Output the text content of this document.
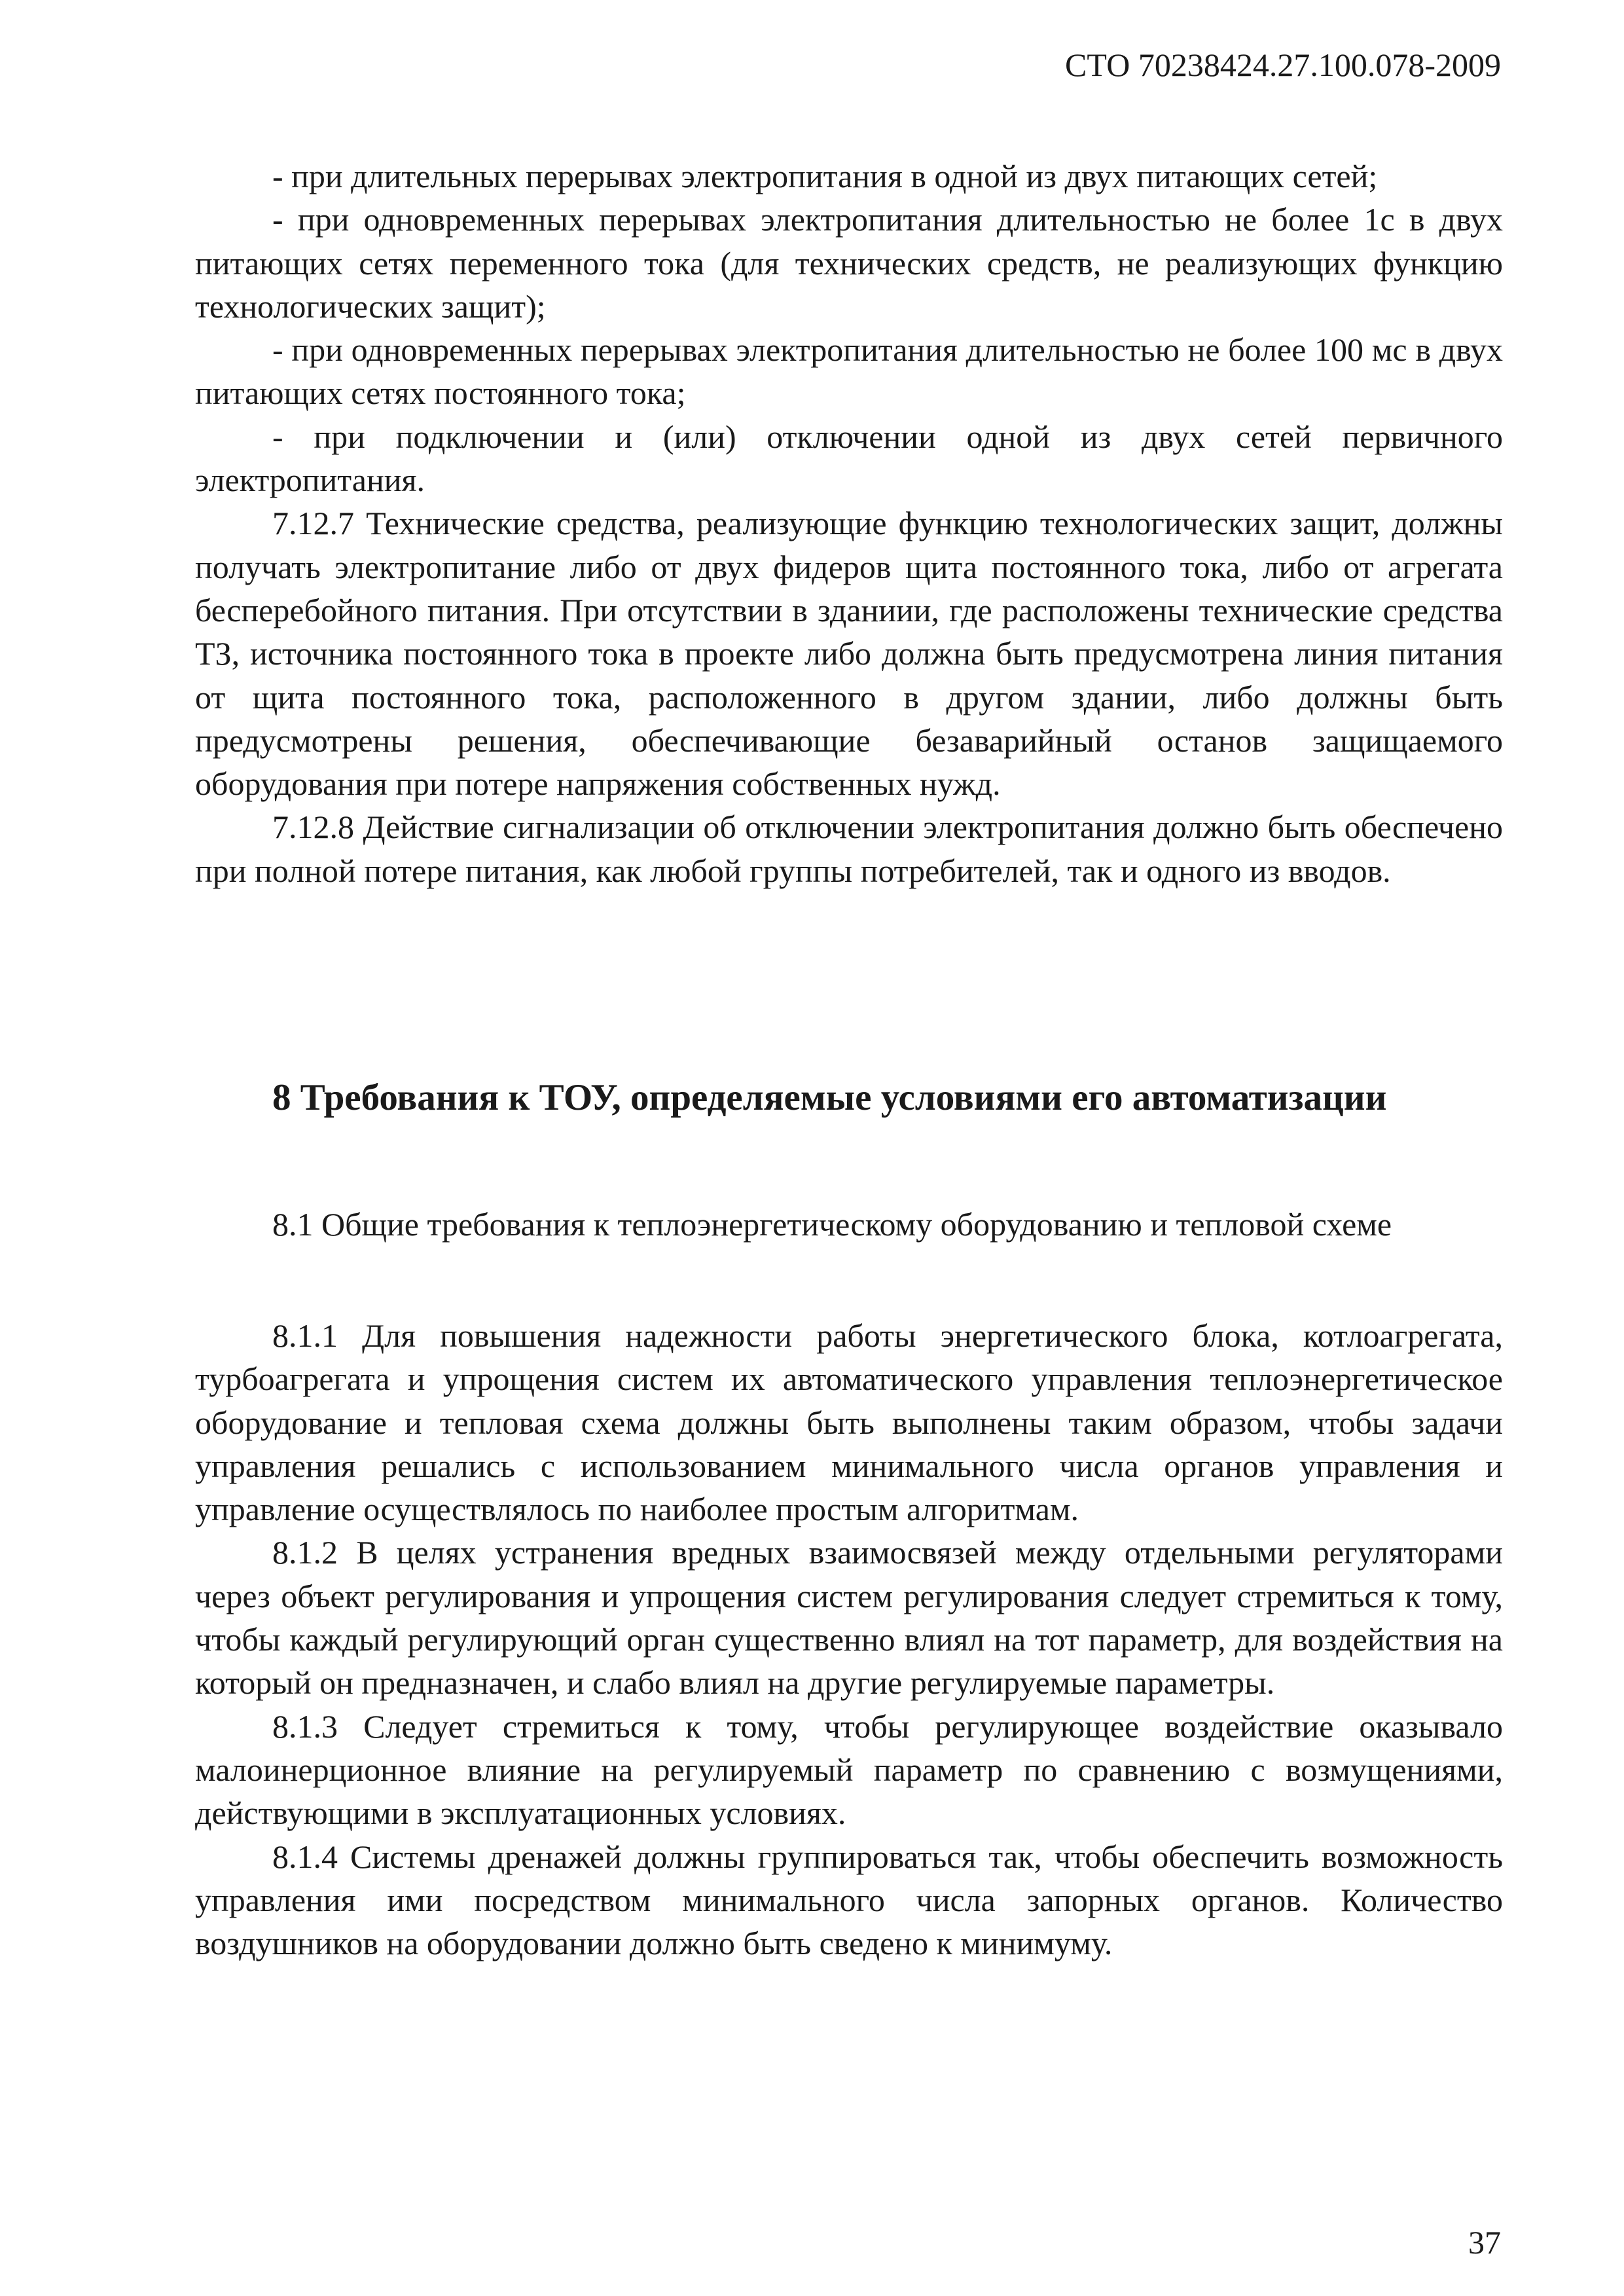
СТО 70238424.27.100.078-2009

- при длительных перерывах электропитания в одной из двух питающих сетей;

- при одновременных перерывах электропитания длительностью не более 1с в двух питающих сетях переменного тока (для технических средств, не реализующих функцию технологических защит);

- при одновременных перерывах электропитания длительностью не более 100 мс в двух питающих сетях постоянного тока;

- при подключении и (или) отключении одной из двух сетей первичного электропитания.

7.12.7 Технические средства, реализующие функцию технологических защит, должны получать электропитание либо от двух фидеров щита постоянного тока, либо от агрегата бесперебойного питания. При отсутствии в зданиии, где расположены технические средства ТЗ, источника постоянного тока в проекте либо должна быть предусмотрена линия питания от щита постоянного тока, расположенного в другом здании, либо должны быть предусмотрены решения, обеспечивающие безаварийный останов защищаемого оборудования при потере напряжения собственных нужд.

7.12.8 Действие сигнализации об отключении электропитания должно быть обеспечено при полной потере питания, как любой группы потребителей, так и одного из вводов.

8 Требования к ТОУ, определяемые условиями его автоматизации

8.1 Общие требования к теплоэнергетическому оборудованию и тепловой схеме

8.1.1 Для повышения надежности работы энергетического блока, котлоагрегата, турбоагрегата и упрощения систем их автоматического управления теплоэнергетическое оборудование и тепловая схема должны быть выполнены таким образом, чтобы задачи управления решались с использованием минимального числа органов управления и управление осуществлялось по наиболее простым алгоритмам.

8.1.2 В целях устранения вредных взаимосвязей между отдельными регуляторами через объект регулирования и упрощения систем регулирования следует стремиться к тому, чтобы каждый регулирующий орган существенно влиял на тот параметр, для воздействия на который он предназначен, и слабо влиял на другие регулируемые параметры.

8.1.3 Следует стремиться к тому, чтобы регулирующее воздействие оказывало малоинерционное влияние на регулируемый параметр по сравнению с возмущениями, действующими в эксплуатационных условиях.

8.1.4 Системы дренажей должны группироваться так, чтобы обеспечить возможность управления ими посредством минимального числа запорных органов. Количество воздушников на оборудовании должно быть сведено к минимуму.

37
